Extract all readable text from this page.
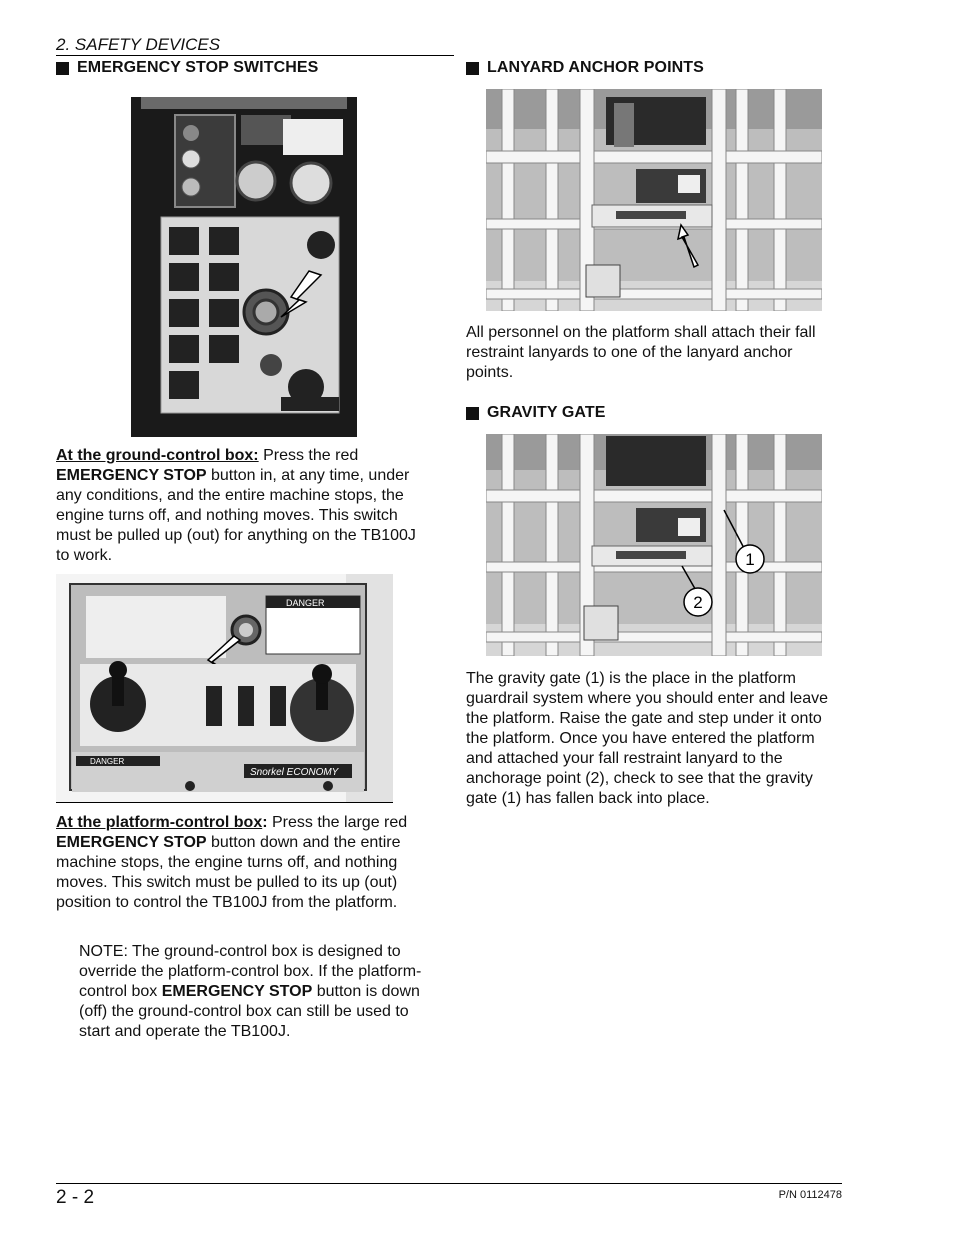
2. SAFETY DEVICES
EMERGENCY STOP SWITCHES
At the ground-control box: Press the red EMERGENCY STOP button in, at any time, under any conditions, and the entire machine stops, the engine turns off, and nothing moves. This switch must be pulled up (out) for anything on the TB100J to work.
DANGER
DANGER
Snorkel ECONOMY
At the platform-control box: Press the large red EMERGENCY STOP button down and the entire machine stops, the engine turns off, and nothing moves. This switch must be pulled to its up (out) position to control the TB100J from the platform.
NOTE: The ground-control box is designed to override the platform-control box. If the platform-control box EMERGENCY STOP button is down (off) the ground-control box can still be used to start and operate the TB100J.
LANYARD ANCHOR POINTS
All personnel on the platform shall attach their fall restraint lanyards to one of the lanyard anchor points.
GRAVITY GATE
1
2
The gravity gate (1) is the place in the platform guardrail system where you should enter and leave the platform. Raise the gate and step under it onto the platform. Once you have entered the platform and attached your fall restraint lanyard to the anchorage point (2), check to see that the gravity gate (1) has fallen back into place.
2 - 2	P/N 0112478
